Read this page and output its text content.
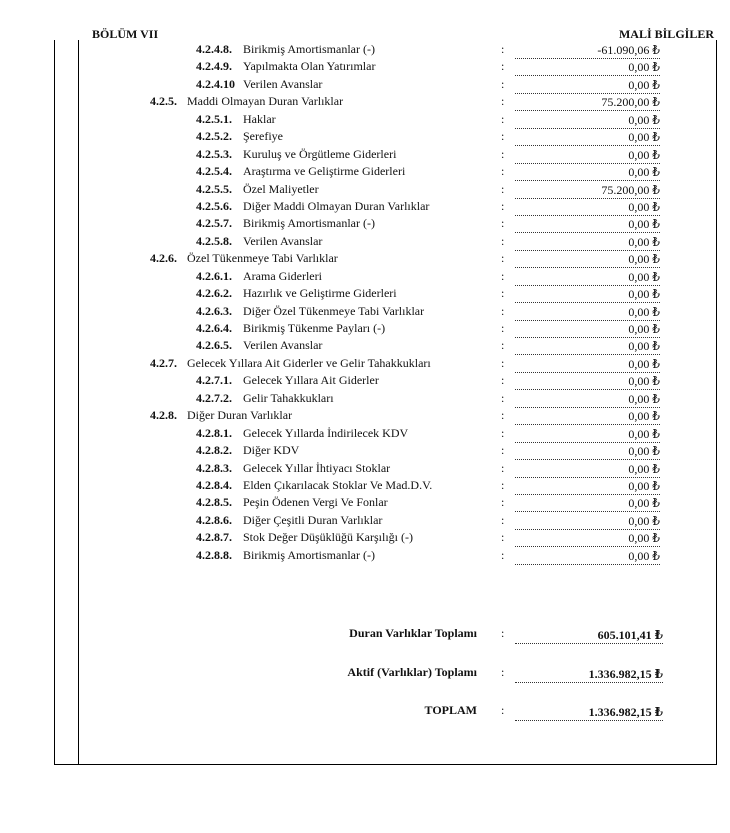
BÖLÜM VII	MALİ BİLGİLER
4.2.4.8. Birikmiş Amortismanlar (-)	:	-61.090,06 ₺
4.2.4.9. Yapılmakta Olan Yatırımlar	:	0,00 ₺
4.2.4.10 Verilen Avanslar	:	0,00 ₺
4.2.5. Maddi Olmayan Duran Varlıklar	:	75.200,00 ₺
4.2.5.1. Haklar	:	0,00 ₺
4.2.5.2. Şerefiye	:	0,00 ₺
4.2.5.3. Kuruluş ve Örgütleme Giderleri	:	0,00 ₺
4.2.5.4. Araştırma ve Geliştirme Giderleri	:	0,00 ₺
4.2.5.5. Özel Maliyetler	:	75.200,00 ₺
4.2.5.6. Diğer Maddi Olmayan Duran Varlıklar	:	0,00 ₺
4.2.5.7. Birikmiş Amortismanlar (-)	:	0,00 ₺
4.2.5.8. Verilen Avanslar	:	0,00 ₺
4.2.6. Özel Tükenmeye Tabi Varlıklar	:	0,00 ₺
4.2.6.1. Arama Giderleri	:	0,00 ₺
4.2.6.2. Hazırlık ve Geliştirme Giderleri	:	0,00 ₺
4.2.6.3. Diğer Özel Tükenmeye Tabi Varlıklar	:	0,00 ₺
4.2.6.4. Birikmiş Tükenme Payları (-)	:	0,00 ₺
4.2.6.5. Verilen Avanslar	:	0,00 ₺
4.2.7. Gelecek Yıllara Ait Giderler ve Gelir Tahakkukları	:	0,00 ₺
4.2.7.1. Gelecek Yıllara Ait Giderler	:	0,00 ₺
4.2.7.2. Gelir Tahakkukları	:	0,00 ₺
4.2.8. Diğer Duran Varlıklar	:	0,00 ₺
4.2.8.1. Gelecek Yıllarda İndirilecek KDV	:	0,00 ₺
4.2.8.2. Diğer KDV	:	0,00 ₺
4.2.8.3. Gelecek Yıllar İhtiyacı Stoklar	:	0,00 ₺
4.2.8.4. Elden Çıkarılacak Stoklar Ve Mad.D.V.	:	0,00 ₺
4.2.8.5. Peşin Ödenen Vergi Ve Fonlar	:	0,00 ₺
4.2.8.6. Diğer Çeşitli Duran Varlıklar	:	0,00 ₺
4.2.8.7. Stok Değer Düşüklüğü Karşılığı (-)	:	0,00 ₺
4.2.8.8. Birikmiş Amortismanlar (-)	:	0,00 ₺
Duran Varlıklar Toplamı :	605.101,41 ₺
Aktif (Varlıklar) Toplamı :	1.336.982,15 ₺
TOPLAM :	1.336.982,15 ₺
